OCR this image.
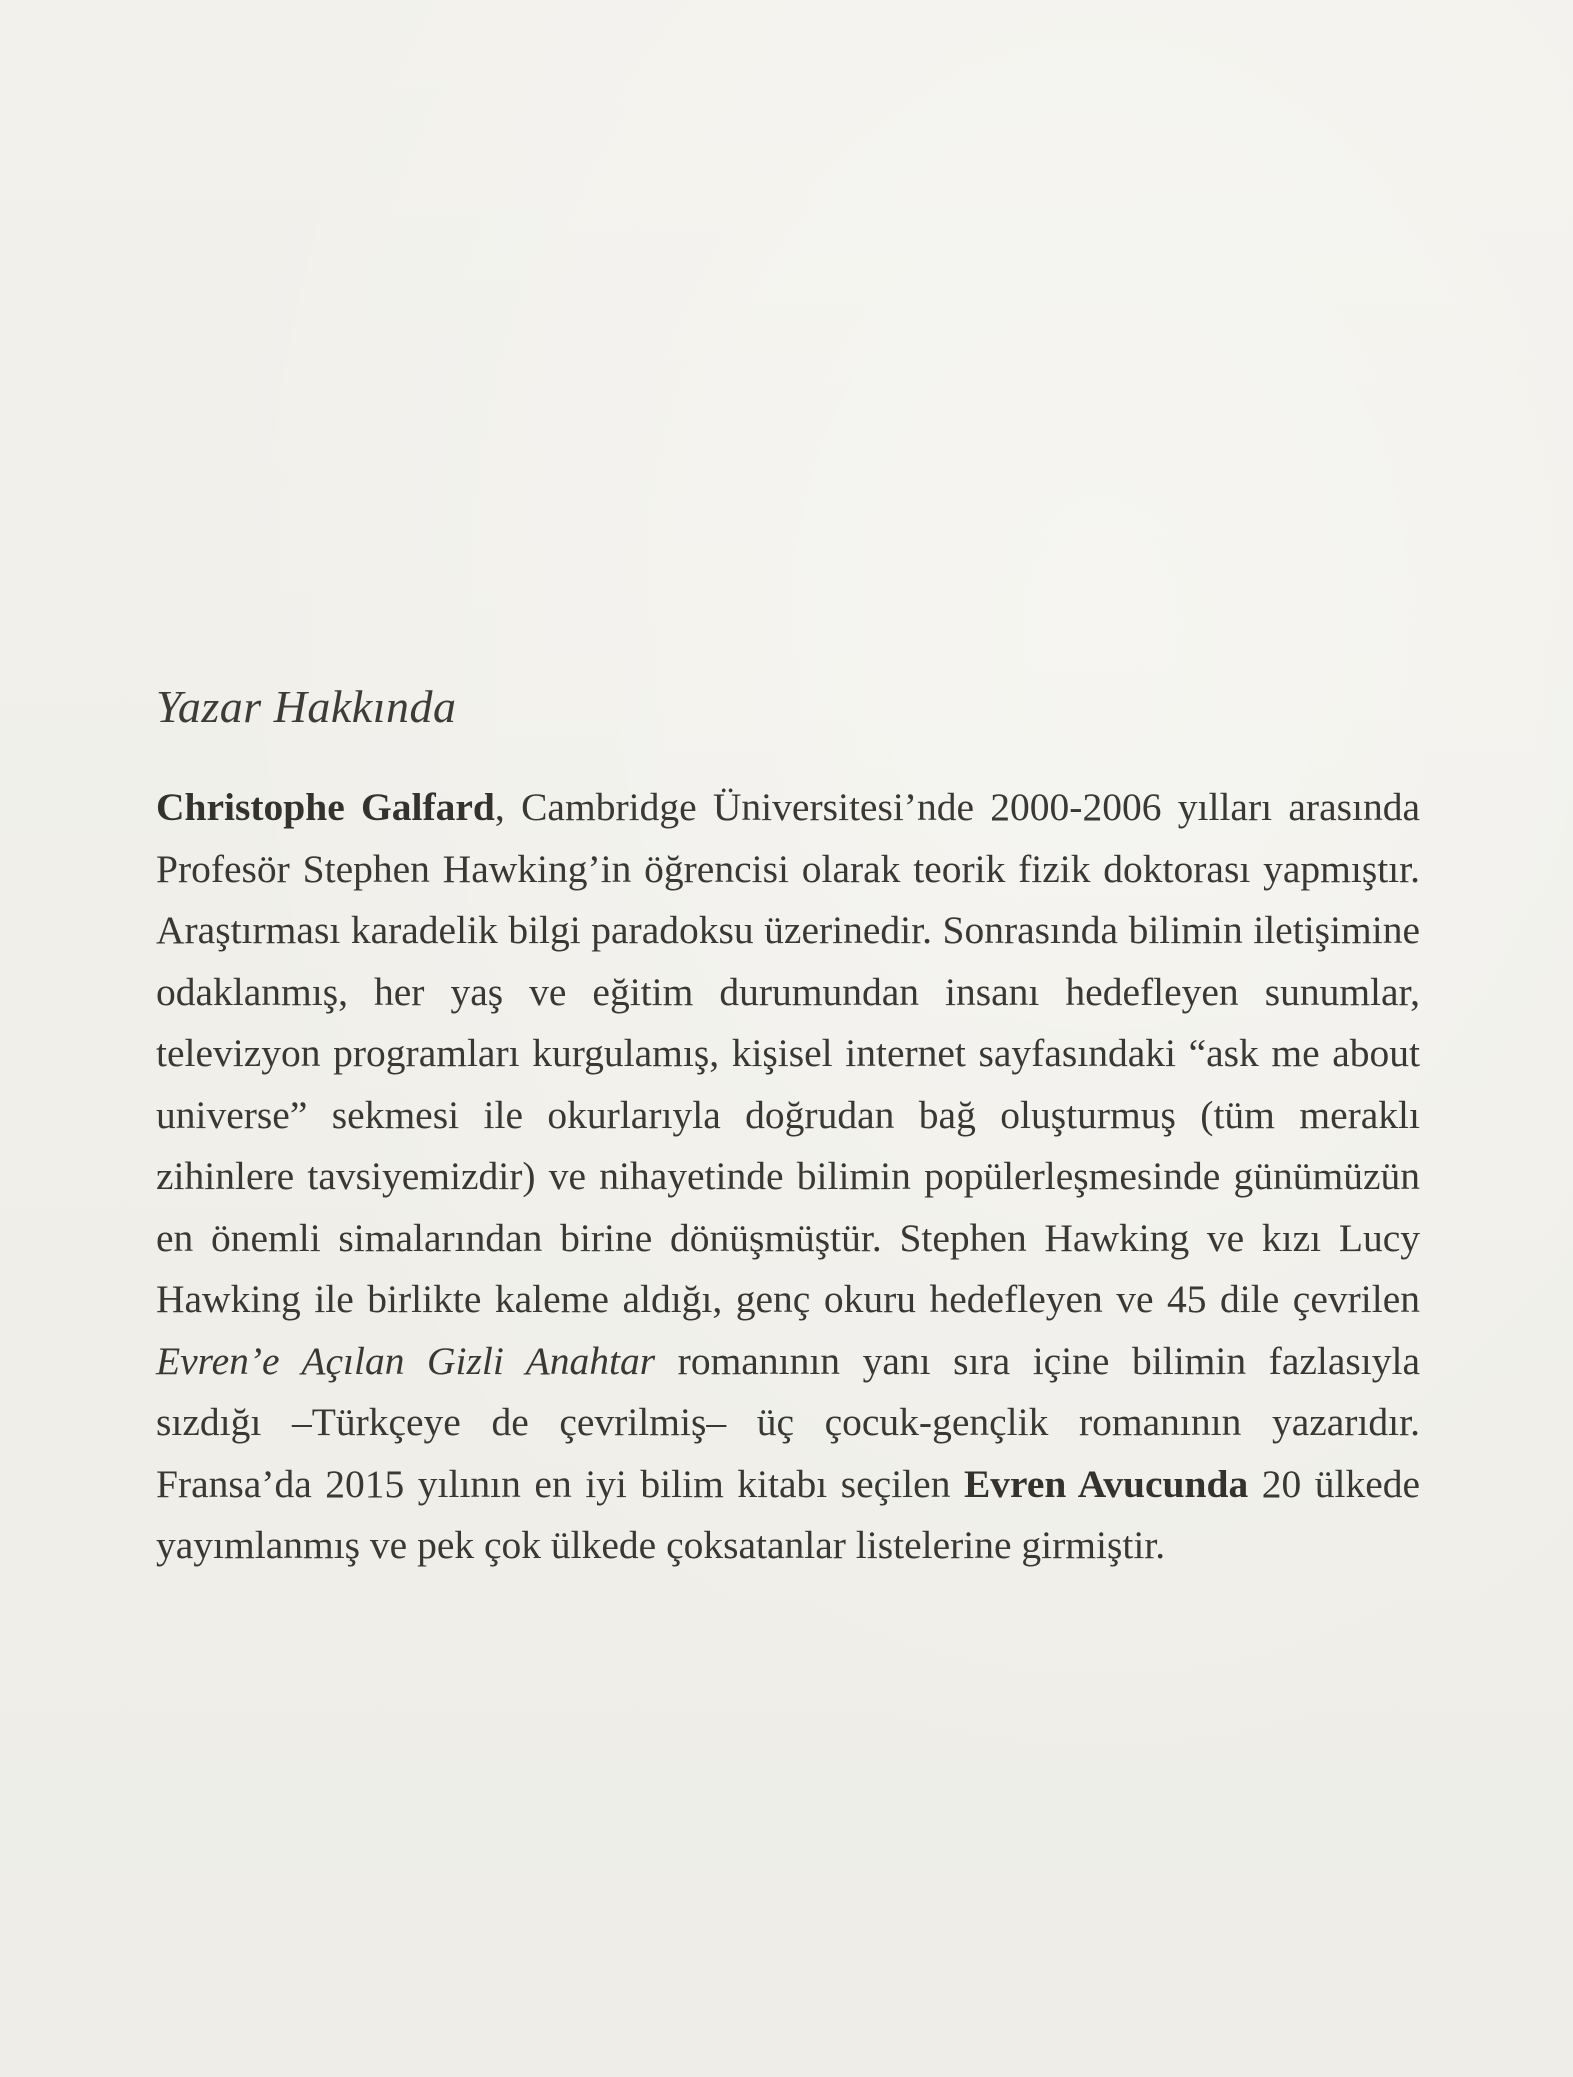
Yazar Hakkında

Christophe Galfard, Cambridge Üniversitesi’nde 2000-2006 yılları arasında Profesör Stephen Hawking’in öğrencisi olarak teorik fizik doktorası yapmıştır. Araştırması karadelik bilgi paradoksu üzerinedir. Sonrasında bilimin iletişimine odaklanmış, her yaş ve eğitim durumundan insanı hedefleyen sunumlar, televizyon programları kurgulamış, kişisel internet sayfasındaki “ask me about universe” sekmesi ile okurlarıyla doğrudan bağ oluşturmuş (tüm meraklı zihinlere tavsiyemizdir) ve nihayetinde bilimin popülerleşmesinde günümüzün en önemli simalarından birine dönüşmüştür. Stephen Hawking ve kızı Lucy Hawking ile birlikte kaleme aldığı, genç okuru hedefleyen ve 45 dile çevrilen Evren’e Açılan Gizli Anahtar romanının yanı sıra içine bilimin fazlasıyla sızdığı –Türkçeye de çevrilmiş– üç çocuk-gençlik romanının yazarıdır. Fransa’da 2015 yılının en iyi bilim kitabı seçilen Evren Avucunda 20 ülkede yayımlanmış ve pek çok ülkede çoksatanlar listelerine girmiştir.
